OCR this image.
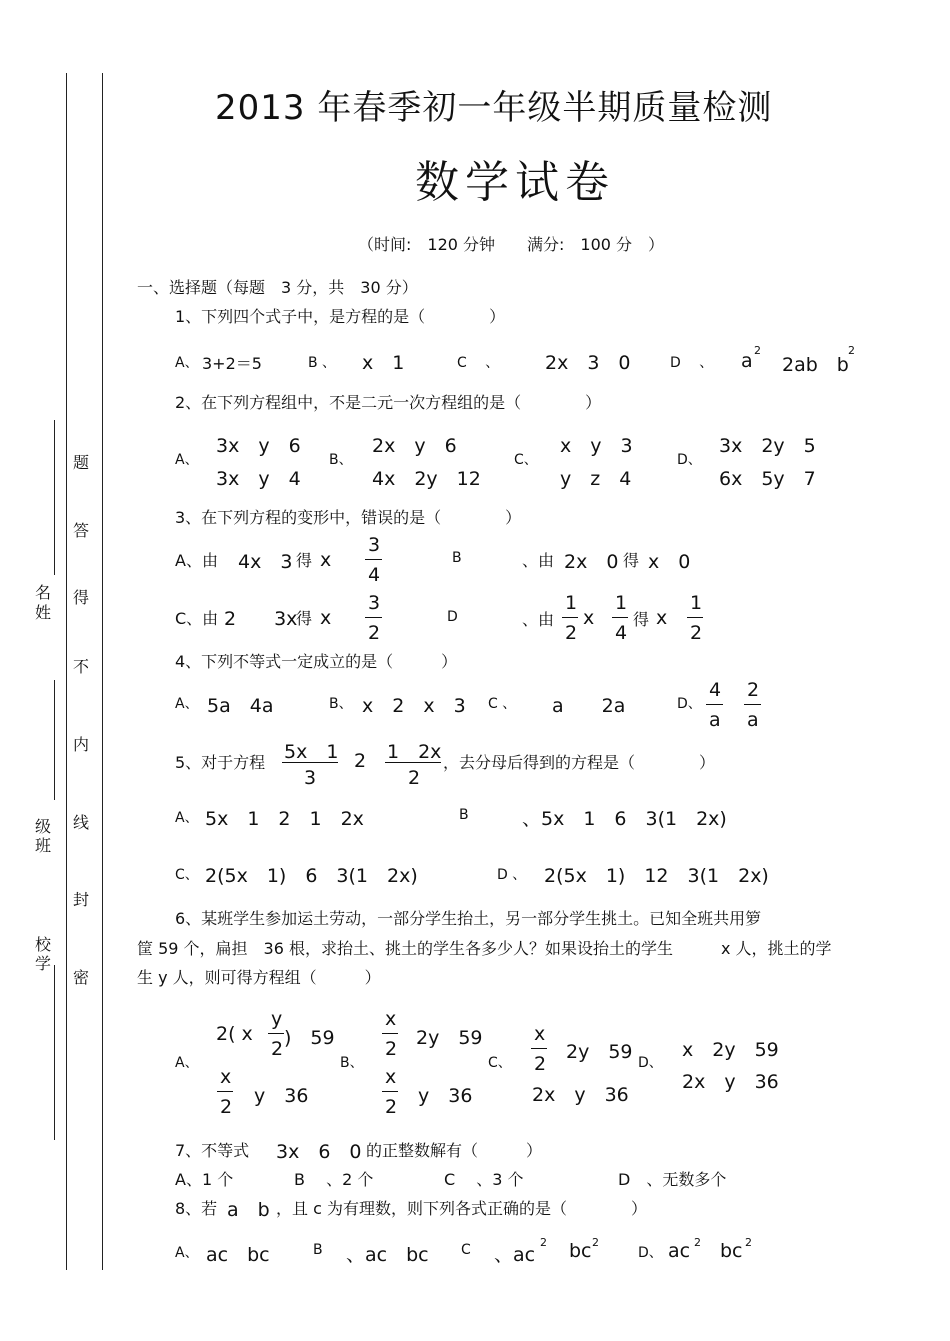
题
答
得
不
内
线
封
密
名
姓
级
班
校
学
2013 年春季初一年级半期质量检测
数学试卷
（时间:　120 分钟　　满分:　100 分　）
一、选择题（每题　3 分，共　30 分）
1、下列四个式子中，是方程的是（　　　　）
A、 3+2＝5	B 、 x　1	C 　、 2x　3　0	D 　、 a 2
2ab　b
2
2、在下列方程组中，不是二元一次方程组的是（　　　　）
A、
3x　y　6
3x　y　4
B、
2x　y　6
4x　2y　12
C、
x　y　3
y　z　4
D、
3x　2y　5
6x　5y　7
3、在下列方程的变形中，错误的是（　　　　）
A、由 4x　3 得 x
3
4
B	、由 2x　0 得 x　0
C、由 2　　3x
得 x
3
2
D	、由
1
2
x
1
4
得 x
1
2
4、下列不等式一定成立的是（　　　）
A、 5a　4a	B、 x　2　x　3 C 、 a　　2a	D、
4
a
2
a
5、对于方程 5x　1
3
2 1　2x
2
，去分母后得到的方程是（　　　　）
A、 5x　1　2　1　2x	B	、5x　1　6　3(1　2x)
C、 2(5x　1)　6　3(1　2x)	D 、 2(5x　1)　12　3(1　2x)
6、某班学生参加运土劳动，一部分学生抬土，另一部分学生挑土。已知全班共用箩
筐 59 个，扁担　36 根，求抬土、挑土的学生各多少人？如果设抬土的学生　　　x 人，挑土的学
生 y 人，则可得方程组（　　　）
A、
2( x
y
2 )　59
x
2 y　36
B、
x
2 2y　59
x
2 y　36
C、
x
2
2y　59
2x　y　36
D、
x　2y　59
2x　y　36
7、不等式 3x　6　0 的正整数解有（　　　）
A、1 个	B 　、2 个	C 　、3 个	D　、无数多个
8、若 a　b ，且 c 为有理数，则下列各式正确的是（　　　　）
A、 ac　bc	B 、ac　bc C 、ac
2 bc 2
D、 ac 2 bc 2
